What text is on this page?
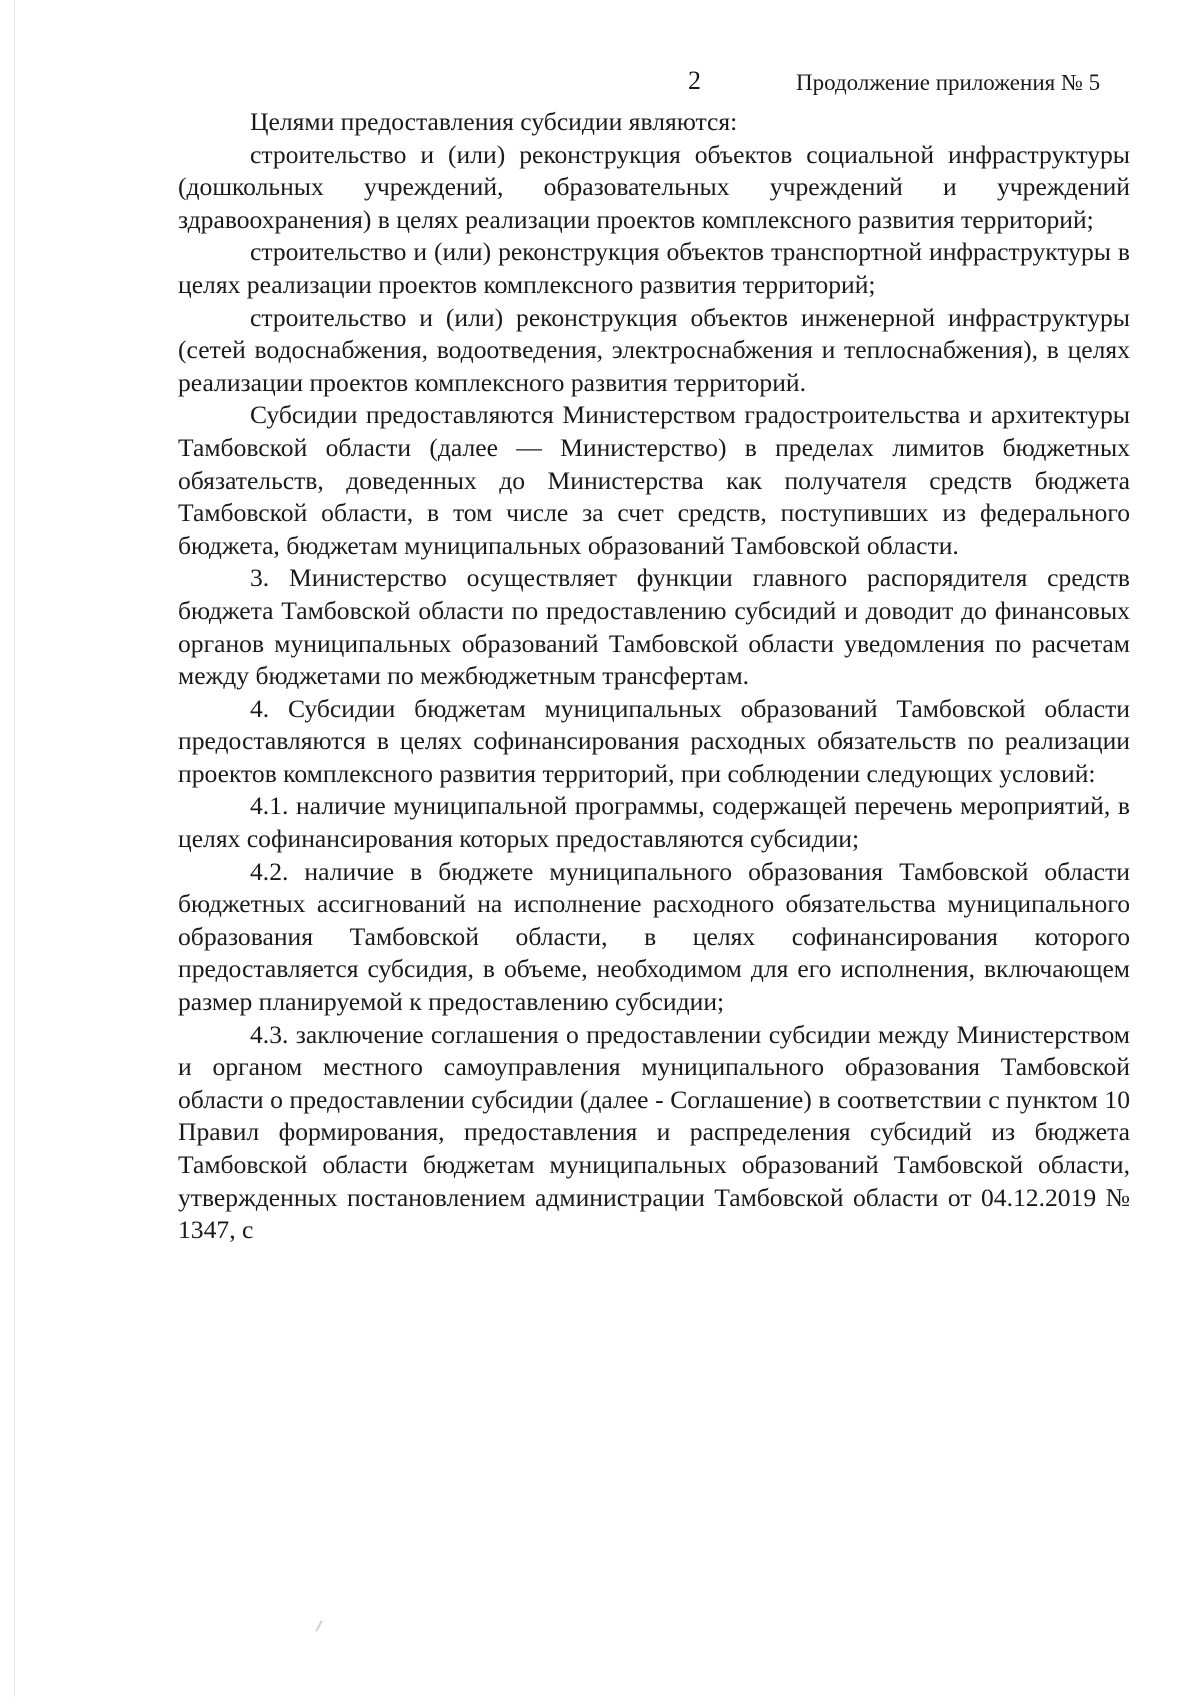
2	Продолжение приложения № 5

Целями предоставления субсидии являются:

строительство и (или) реконструкция объектов социальной инфраструктуры (дошкольных учреждений, образовательных учреждений и учреждений здравоохранения) в целях реализации проектов комплексного развития территорий;

строительство и (или) реконструкция объектов транспортной инфраструктуры в целях реализации проектов комплексного развития территорий;

строительство и (или) реконструкция объектов инженерной инфраструктуры (сетей водоснабжения, водоотведения, электроснабжения и теплоснабжения), в целях реализации проектов комплексного развития территорий.

Субсидии предоставляются Министерством градостроительства и архитектуры Тамбовской области (далее — Министерство) в пределах лимитов бюджетных обязательств, доведенных до Министерства как получателя средств бюджета Тамбовской области, в том числе за счет средств, поступивших из федерального бюджета, бюджетам муниципальных образований Тамбовской области.

3. Министерство осуществляет функции главного распорядителя средств бюджета Тамбовской области по предоставлению субсидий и доводит до финансовых органов муниципальных образований Тамбовской области уведомления по расчетам между бюджетами по межбюджетным трансфертам.

4. Субсидии бюджетам муниципальных образований Тамбовской области предоставляются в целях софинансирования расходных обязательств по реализации проектов комплексного развития территорий, при соблюдении следующих условий:

4.1. наличие муниципальной программы, содержащей перечень мероприятий, в целях софинансирования которых предоставляются субсидии;

4.2. наличие в бюджете муниципального образования Тамбовской области бюджетных ассигнований на исполнение расходного обязательства муниципального образования Тамбовской области, в целях софинансирования которого предоставляется субсидия, в объеме, необходимом для его исполнения, включающем размер планируемой к предоставлению субсидии;

4.3. заключение соглашения о предоставлении субсидии между Министерством и органом местного самоуправления муниципального образования Тамбовской области о предоставлении субсидии (далее - Соглашение) в соответствии с пунктом 10 Правил формирования, предоставления и распределения субсидий из бюджета Тамбовской области бюджетам муниципальных образований Тамбовской области, утвержденных постановлением администрации Тамбовской области от 04.12.2019 № 1347, с
